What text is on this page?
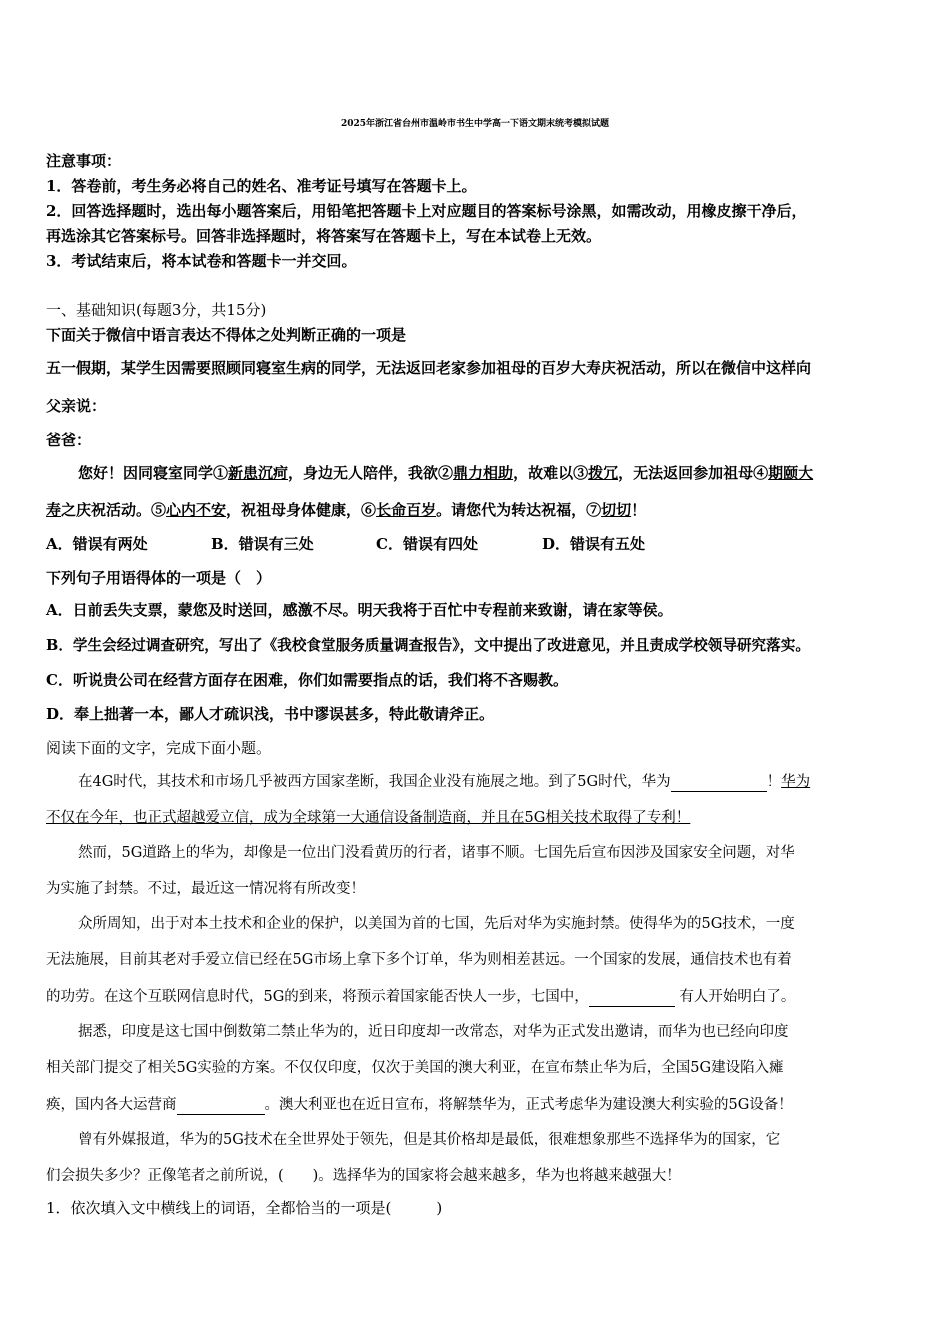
2025年浙江省台州市温岭市书生中学高一下语文期末统考模拟试题
注意事项：
1．答卷前，考生务必将自己的姓名、准考证号填写在答题卡上。
2．回答选择题时，选出每小题答案后，用铅笔把答题卡上对应题目的答案标号涂黑，如需改动，用橡皮擦干净后，
再选涂其它答案标号。回答非选择题时，将答案写在答题卡上，写在本试卷上无效。
3．考试结束后，将本试卷和答题卡一并交回。
一、基础知识(每题3分，共15分)
下面关于微信中语言表达不得体之处判断正确的一项是
五一假期，某学生因需要照顾同寝室生病的同学，无法返回老家参加祖母的百岁大寿庆祝活动，所以在微信中这样向
父亲说：
爸爸：
您好！因同寝室同学①新患沉疴，身边无人陪伴，我欲②鼎力相助，故难以③拨冗，无法返回参加祖母④期颐大
寿之庆祝活动。⑤心内不安，祝祖母身体健康，⑥长命百岁。请您代为转达祝福，⑦切切！
A．错误有两处	B．错误有三处	C．错误有四处	D．错误有五处
下列句子用语得体的一项是（　）
A．日前丢失支票，蒙您及时送回，感激不尽。明天我将于百忙中专程前来致谢，请在家等侯。
B．学生会经过调查研究，写出了《我校食堂服务质量调查报告》，文中提出了改进意见，并且责成学校领导研究落实。
C．听说贵公司在经营方面存在困难，你们如需要指点的话，我们将不吝赐教。
D．奉上拙著一本，鄙人才疏识浅，书中谬误甚多，特此敬请斧正。
阅读下面的文字，完成下面小题。
在4G时代，其技术和市场几乎被西方国家垄断，我国企业没有施展之地。到了5G时代，华为	！华为
不仅在今年，也正式超越爱立信，成为全球第一大通信设备制造商，并且在5G相关技术取得了专利！
然而，5G道路上的华为，却像是一位出门没看黄历的行者，诸事不顺。七国先后宣布因涉及国家安全问题，对华
为实施了封禁。不过，最近这一情况将有所改变！
众所周知，出于对本土技术和企业的保护，以美国为首的七国，先后对华为实施封禁。使得华为的5G技术，一度
无法施展，目前其老对手爱立信已经在5G市场上拿下多个订单，华为则相差甚远。一个国家的发展，通信技术也有着
的功劳。在这个互联网信息时代，5G的到来，将预示着国家能否快人一步，七国中，	有人开始明白了。
据悉，印度是这七国中倒数第二禁止华为的，近日印度却一改常态，对华为正式发出邀请，而华为也已经向印度
相关部门提交了相关5G实验的方案。不仅仅印度，仅次于美国的澳大利亚，在宣布禁止华为后，全国5G建设陷入瘫
痪，国内各大运营商	。澳大利亚也在近日宣布，将解禁华为，正式考虑华为建设澳大利实验的5G设备！
曾有外媒报道，华为的5G技术在全世界处于领先，但是其价格却是最低，很难想象那些不选择华为的国家，它
们会损失多少？正像笔者之前所说，(　　)。选择华为的国家将会越来越多，华为也将越来越强大！
1．依次填入文中横线上的词语，全都恰当的一项是(　　　)
